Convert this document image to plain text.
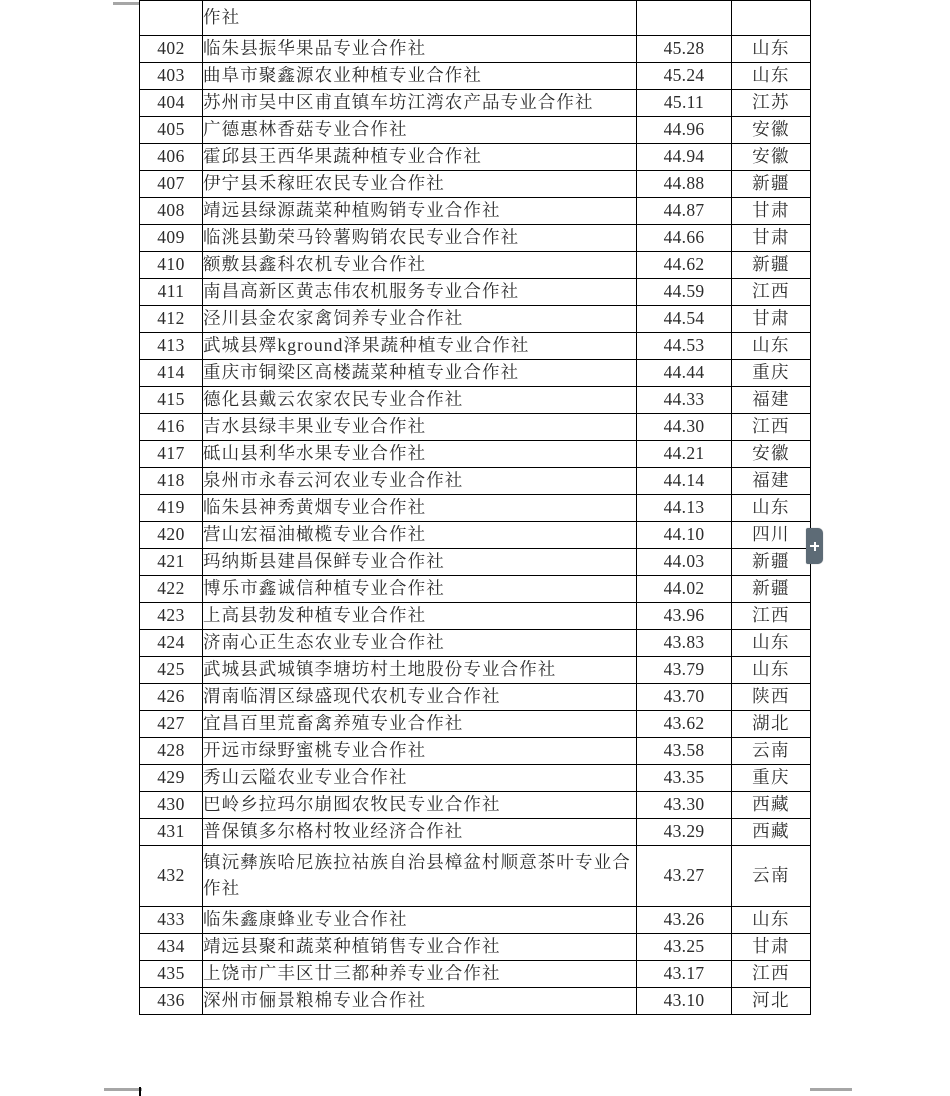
	作社		
402	临朱县振华果品专业合作社	45.28	山东
403	曲阜市聚鑫源农业种植专业合作社	45.24	山东
404	苏州市吴中区甫直镇车坊江湾农产品专业合作社	45.11	江苏
405	广德惠林香菇专业合作社	44.96	安徽
406	霍邱县王西华果蔬种植专业合作社	44.94	安徽
407	伊宁县禾稼旺农民专业合作社	44.88	新疆
408	靖远县绿源蔬菜种植购销专业合作社	44.87	甘肃
409	临洮县勤荣马铃薯购销农民专业合作社	44.66	甘肃
410	额敷县鑫科农机专业合作社	44.62	新疆
411	南昌高新区黄志伟农机服务专业合作社	44.59	江西
412	泾川县金农家禽饲养专业合作社	44.54	甘肃
413	武城县殬kground泽果蔬种植专业合作社	44.53	山东
414	重庆市铜梁区高楼蔬菜种植专业合作社	44.44	重庆
415	德化县戴云农家农民专业合作社	44.33	福建
416	吉水县绿丰果业专业合作社	44.30	江西
417	砥山县利华水果专业合作社	44.21	安徽
418	泉州市永春云河农业专业合作社	44.14	福建
419	临朱县神秀黄烟专业合作社	44.13	山东
420	营山宏福油橄榄专业合作社	44.10	四川
421	玛纳斯县建昌保鲜专业合作社	44.03	新疆
422	博乐市鑫诚信种植专业合作社	44.02	新疆
423	上高县勃发种植专业合作社	43.96	江西
424	济南心正生态农业专业合作社	43.83	山东
425	武城县武城镇李塘坊村土地股份专业合作社	43.79	山东
426	渭南临渭区绿盛现代农机专业合作社	43.70	陕西
427	宜昌百里荒畜禽养殖专业合作社	43.62	湖北
428	开远市绿野蜜桃专业合作社	43.58	云南
429	秀山云隘农业专业合作社	43.35	重庆
430	巴岭乡拉玛尔崩囮农牧民专业合作社	43.30	西藏
431	普保镇多尔格村牧业经济合作社	43.29	西藏
432	镇沅彝族哈尼族拉祜族自治县樟盆村顺意茶叶专业合作社	43.27	云南
433	临朱鑫康蜂业专业合作社	43.26	山东
434	靖远县聚和蔬菜种植销售专业合作社	43.25	甘肃
435	上饶市广丰区廿三都种养专业合作社	43.17	江西
436	深州市俪景粮棉专业合作社	43.10	河北
